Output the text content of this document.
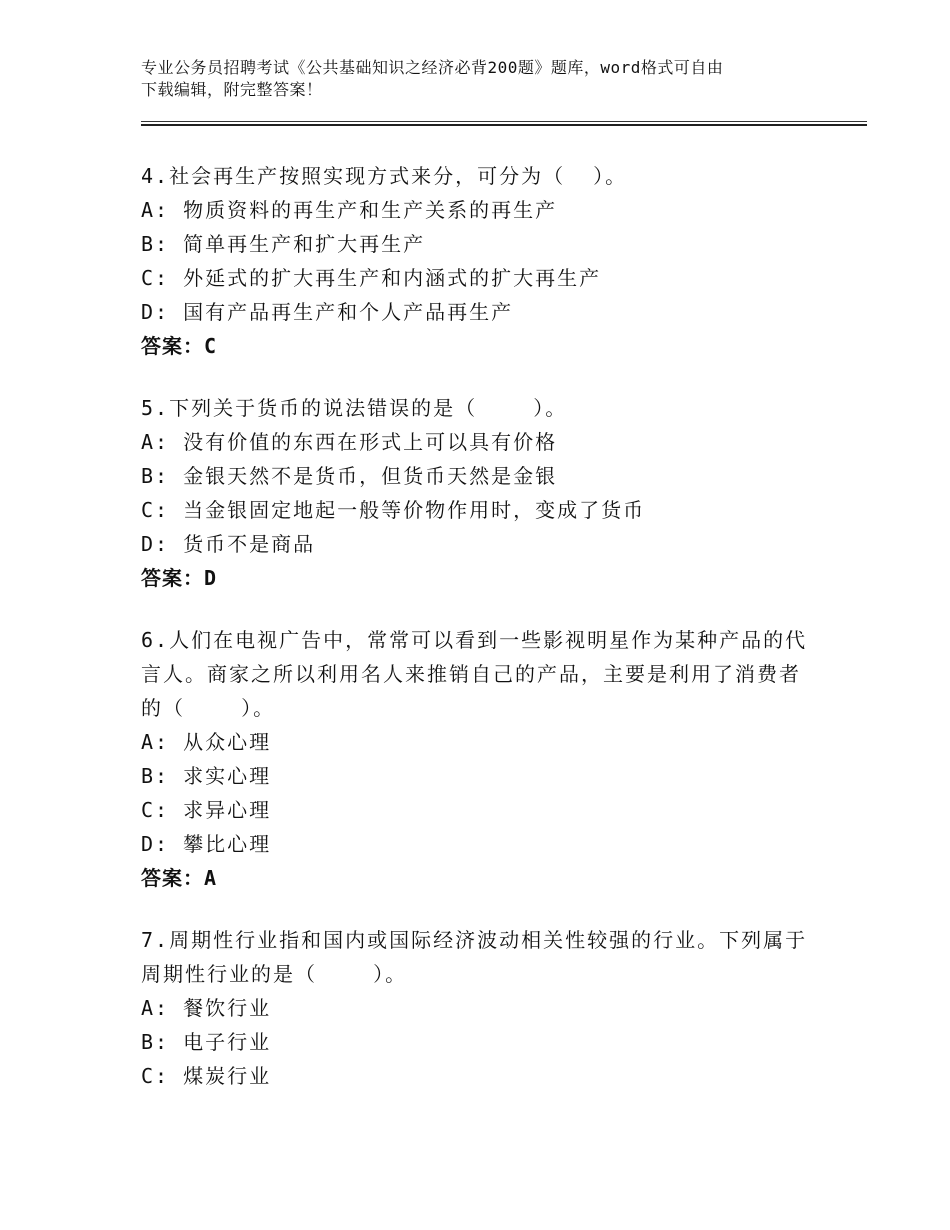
专业公务员招聘考试《公共基础知识之经济必背200题》题库，word格式可自由
下载编辑，附完整答案！
4.社会再生产按照实现方式来分，可分为（  ）。
A: 物质资料的再生产和生产关系的再生产
B: 简单再生产和扩大再生产
C: 外延式的扩大再生产和内涵式的扩大再生产
D: 国有产品再生产和个人产品再生产
答案：C
5.下列关于货币的说法错误的是（    ）。
A: 没有价值的东西在形式上可以具有价格
B: 金银天然不是货币，但货币天然是金银
C: 当金银固定地起一般等价物作用时，变成了货币
D: 货币不是商品
答案：D
6.人们在电视广告中，常常可以看到一些影视明星作为某种产品的代
言人。商家之所以利用名人来推销自己的产品，主要是利用了消费者
的（    ）。
A: 从众心理
B: 求实心理
C: 求异心理
D: 攀比心理
答案：A
7.周期性行业指和国内或国际经济波动相关性较强的行业。下列属于
周期性行业的是（    ）。
A: 餐饮行业
B: 电子行业
C: 煤炭行业
